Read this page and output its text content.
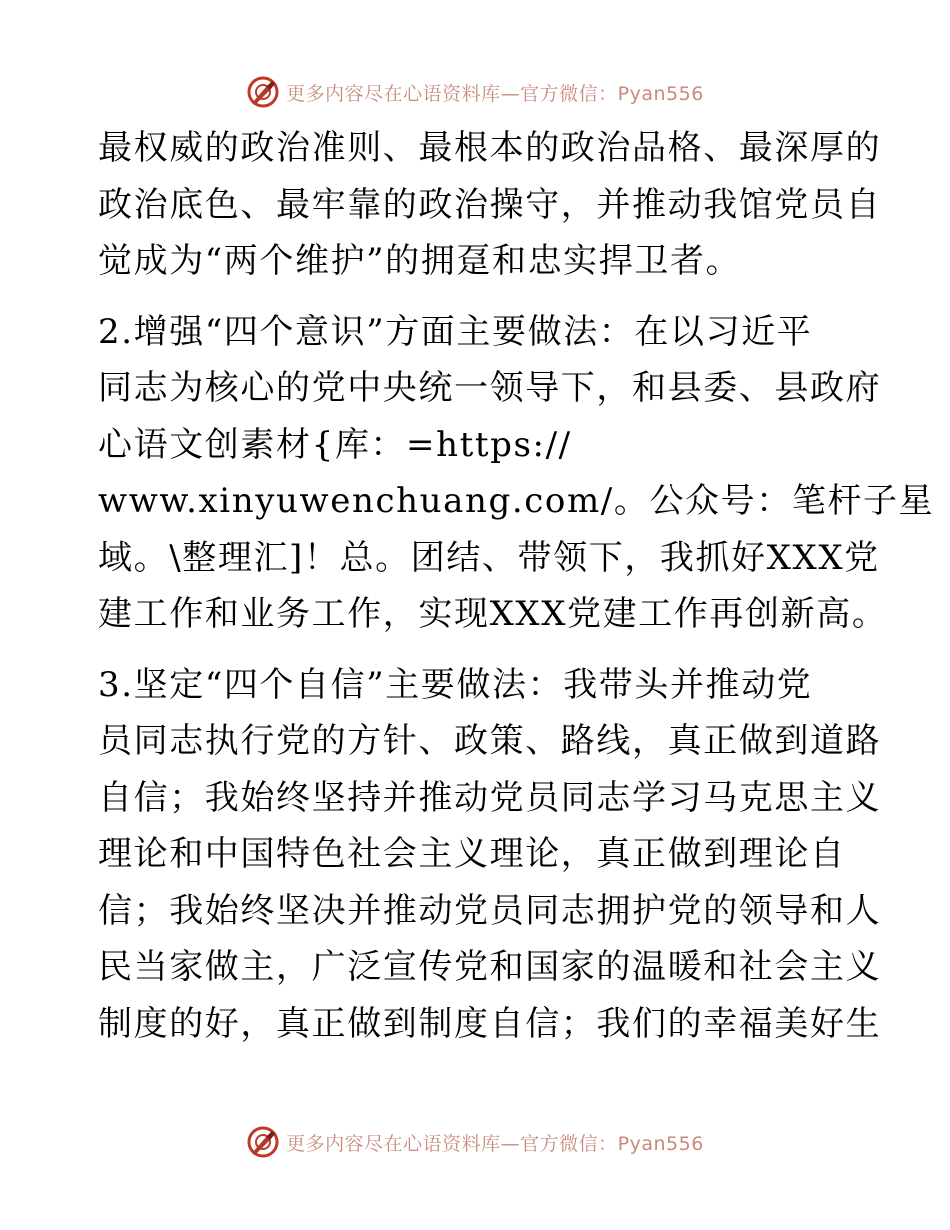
更多内容尽在心语资料库—官方微信：Pyan556
最权威的政治准则、最根本的政治品格、最深厚的
政治底色、最牢靠的政治操守，并推动我馆党员自
觉成为“两个维护”的拥趸和忠实捍卫者。
2.增强“四个意识”方面主要做法：在以习近平
同志为核心的党中央统一领导下，和县委、县政府
心语文创素材{库：=https://
www.xinyuwenchuang.com/。公众号：笔杆子星
域。\整理汇]！总。团结、带领下，我抓好XXX党
建工作和业务工作，实现XXX党建工作再创新高。
3.坚定“四个自信”主要做法：我带头并推动党
员同志执行党的方针、政策、路线，真正做到道路
自信；我始终坚持并推动党员同志学习马克思主义
理论和中国特色社会主义理论，真正做到理论自
信；我始终坚决并推动党员同志拥护党的领导和人
民当家做主，广泛宣传党和国家的温暖和社会主义
制度的好，真正做到制度自信；我们的幸福美好生
更多内容尽在心语资料库—官方微信：Pyan556
